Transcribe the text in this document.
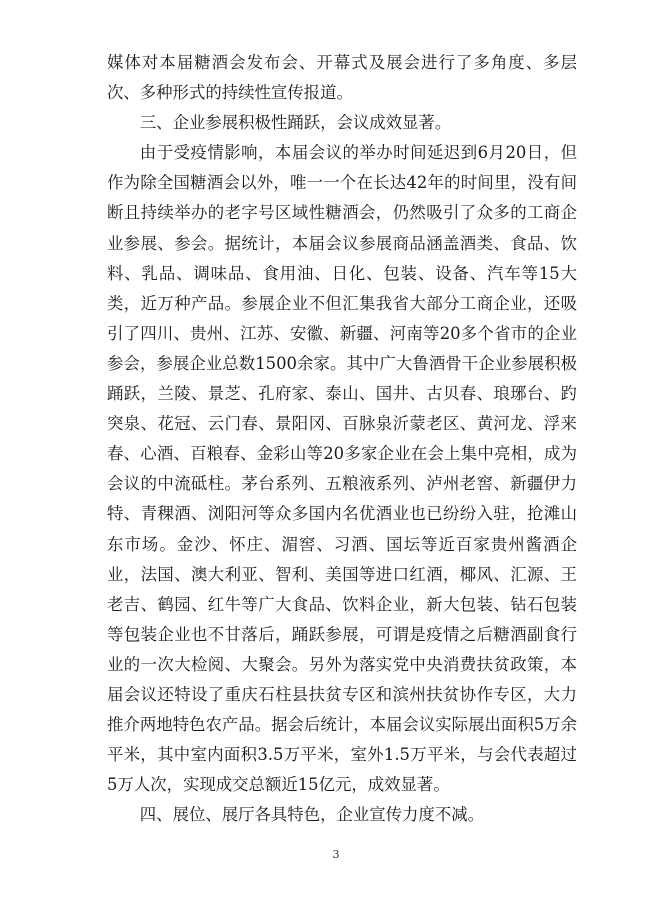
媒体对本届糖酒会发布会、开幕式及展会进行了多角度、多层次、多种形式的持续性宣传报道。

三、企业参展积极性踊跃，会议成效显著。

由于受疫情影响，本届会议的举办时间延迟到6月20日，但作为除全国糖酒会以外，唯一一个在长达42年的时间里，没有间断且持续举办的老字号区域性糖酒会，仍然吸引了众多的工商企业参展、参会。据统计，本届会议参展商品涵盖酒类、食品、饮料、乳品、调味品、食用油、日化、包装、设备、汽车等15大类，近万种产品。参展企业不但汇集我省大部分工商企业，还吸引了四川、贵州、江苏、安徽、新疆、河南等20多个省市的企业参会，参展企业总数1500余家。其中广大鲁酒骨干企业参展积极踊跃，兰陵、景芝、孔府家、泰山、国井、古贝春、琅琊台、趵突泉、花冠、云门春、景阳冈、百脉泉沂蒙老区、黄河龙、浮来春、心酒、百粮春、金彩山等20多家企业在会上集中亮相，成为会议的中流砥柱。茅台系列、五粮液系列、泸州老窖、新疆伊力特、青稞酒、浏阳河等众多国内名优酒业也已纷纷入驻，抢滩山东市场。金沙、怀庄、湄窖、习酒、国坛等近百家贵州酱酒企业，法国、澳大利亚、智利、美国等进口红酒，椰风、汇源、王老吉、鹤园、红牛等广大食品、饮料企业，新大包装、钻石包装等包装企业也不甘落后，踊跃参展，可谓是疫情之后糖酒副食行业的一次大检阅、大聚会。另外为落实党中央消费扶贫政策，本届会议还特设了重庆石柱县扶贫专区和滨州扶贫协作专区，大力推介两地特色农产品。据会后统计，本届会议实际展出面积5万余平米，其中室内面积3.5万平米，室外1.5万平米，与会代表超过5万人次，实现成交总额近15亿元，成效显著。

四、展位、展厅各具特色，企业宣传力度不减。

3
